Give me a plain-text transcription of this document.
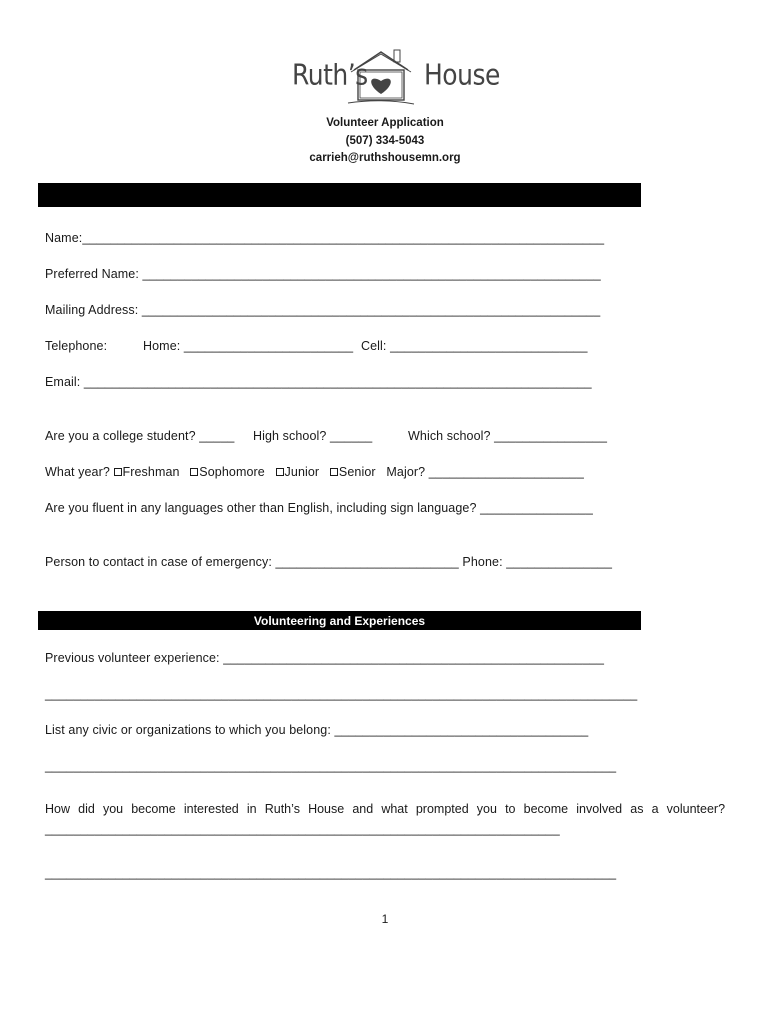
Ruth’s House
Volunteer Application
(507) 334-5043
carrieh@ruthshousemn.org
Name:__________________________________________________________________________
Preferred Name: _________________________________________________________________
Mailing Address: _________________________________________________________________
Telephone:	Home: ________________________ Cell: ____________________________
Email: ________________________________________________________________________
Are you a college student? _____ High school? ______	Which school? ________________
What year? Freshman Sophomore Junior Senior Major? ______________________
Are you fluent in any languages other than English, including sign language? ________________
Person to contact in case of emergency: __________________________ Phone: _______________
Volunteering and Experiences
Previous volunteer experience: ______________________________________________________
____________________________________________________________________________________
List any civic or organizations to which you belong: ____________________________________
_________________________________________________________________________________
How did you become interested in Ruth’s House and what prompted you to become involved as a volunteer?
_________________________________________________________________________
_________________________________________________________________________________
1
